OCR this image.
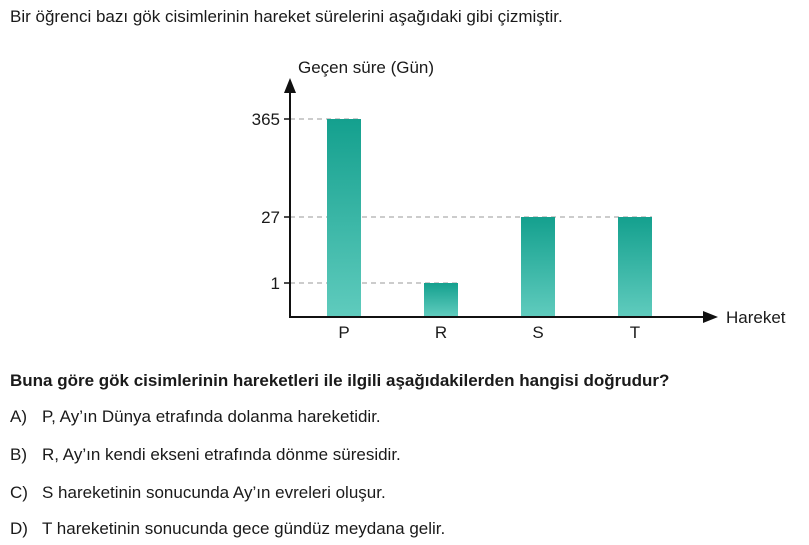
Bir öğrenci bazı gök cisimlerinin hareket sürelerini aşağıdaki gibi çizmiştir.
Geçen süre (Gün)
Hareket
1
27
365
P	R	S	T
Buna göre gök cisimlerinin hareketleri ile ilgili aşağıdakilerden hangisi doğrudur?
A) P, Ay’ın Dünya etrafında dolanma hareketidir.
B) R, Ay’ın kendi ekseni etrafında dönme süresidir.
C) S hareketinin sonucunda Ay’ın evreleri oluşur.
D) T hareketinin sonucunda gece gündüz meydana gelir.
